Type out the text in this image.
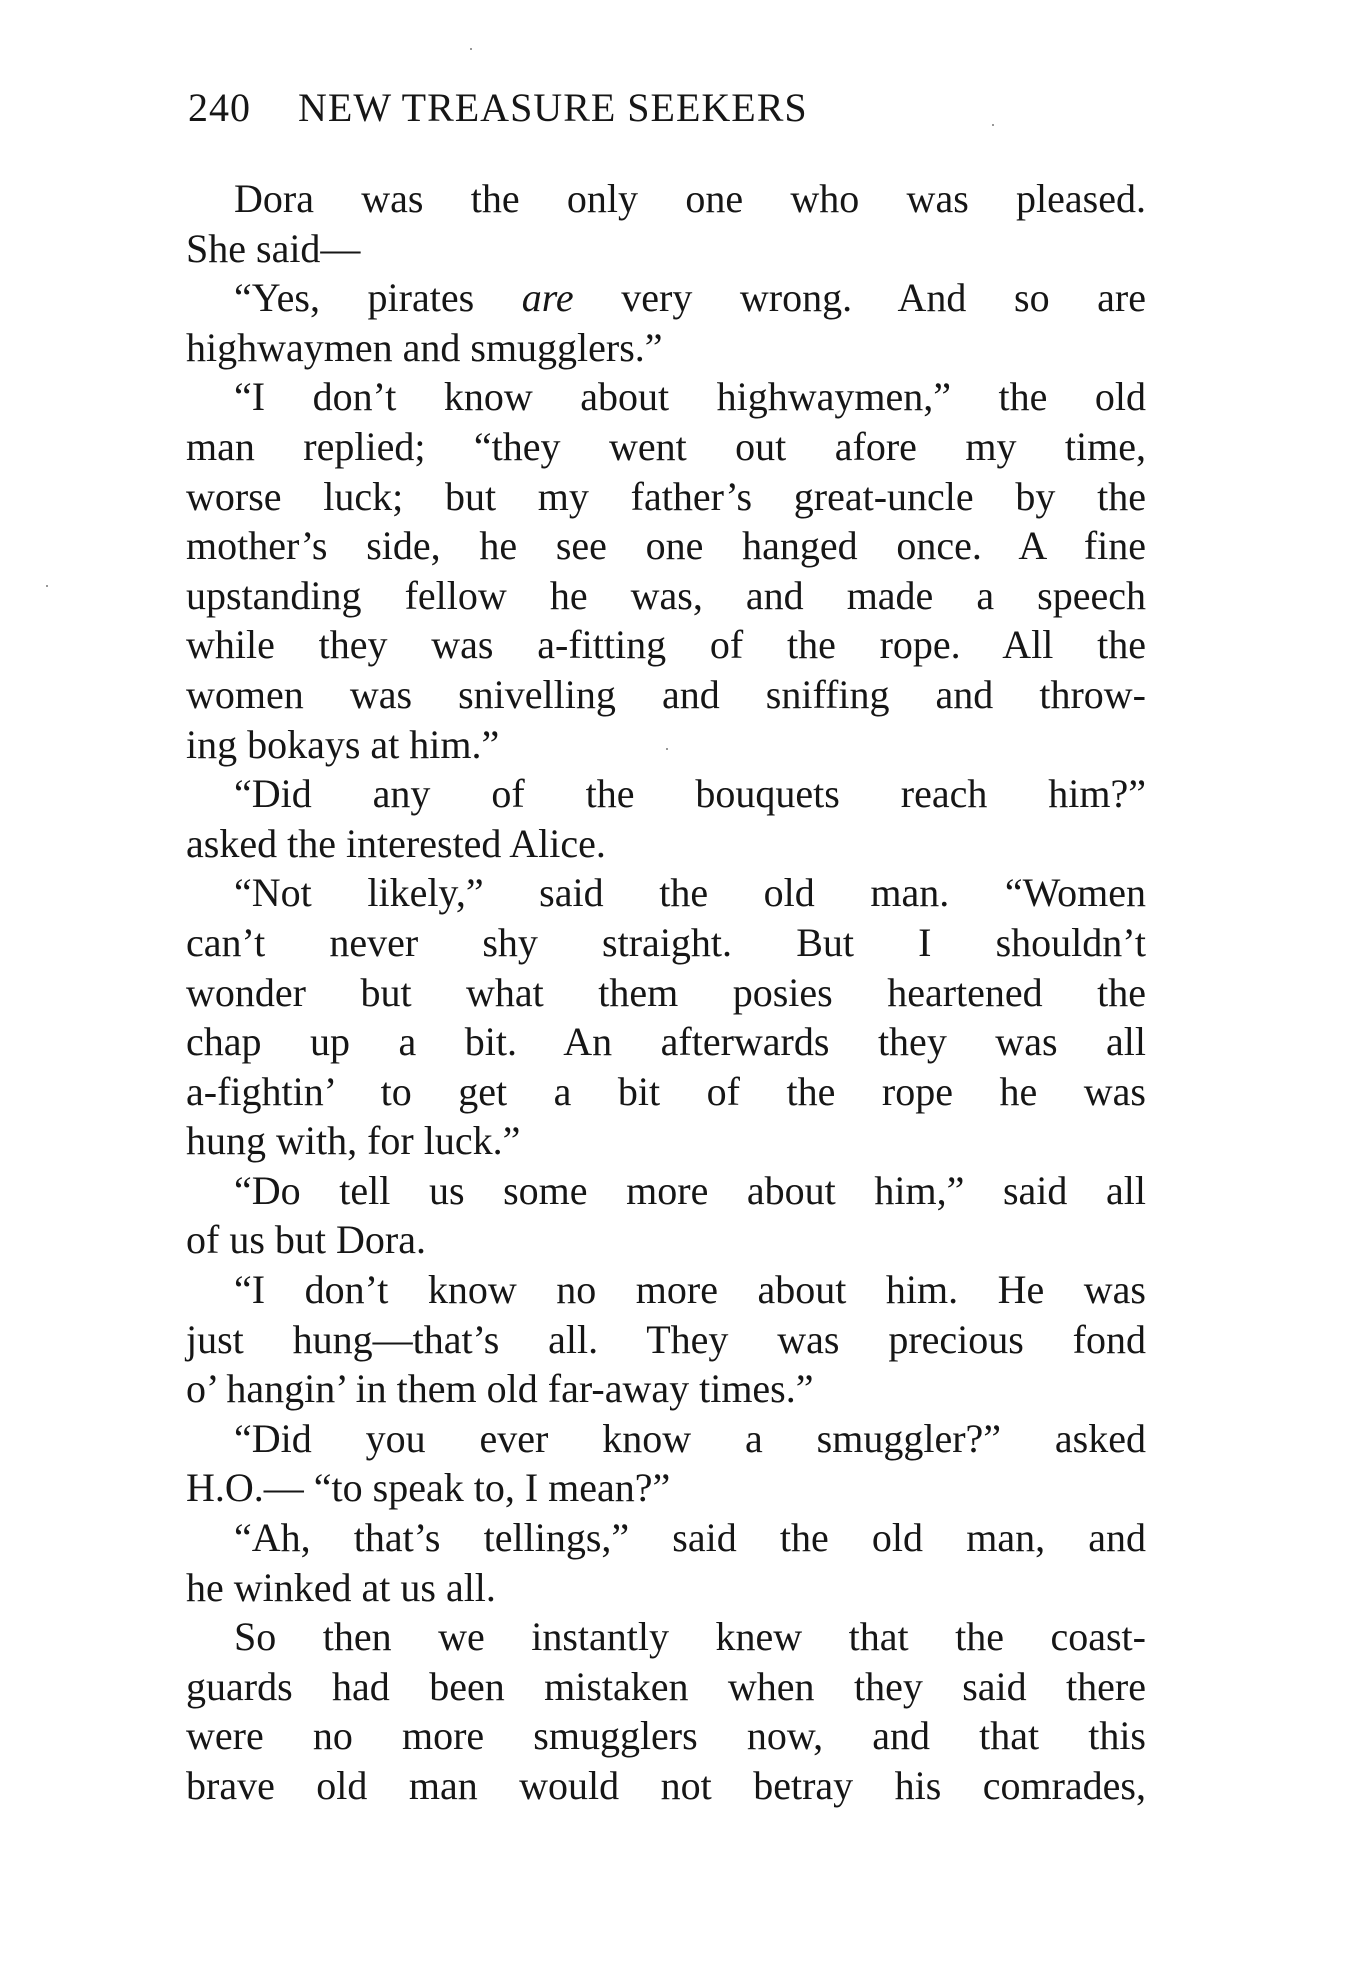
240 NEW TREASURE SEEKERS
Dora was the only one who was pleased.
She said—
“Yes, pirates are very wrong. And so are
highwaymen and smugglers.”
“I don’t know about highwaymen,” the old
man replied; “they went out afore my time,
worse luck; but my father’s great-uncle by the
mother’s side, he see one hanged once. A fine
upstanding fellow he was, and made a speech
while they was a-fitting of the rope. All the
women was snivelling and sniffing and throw-
ing bokays at him.”
“Did any of the bouquets reach him?”
asked the interested Alice.
“Not likely,” said the old man. “Women
can’t never shy straight. But I shouldn’t
wonder but what them posies heartened the
chap up a bit. An afterwards they was all
a-fightin’ to get a bit of the rope he was
hung with, for luck.”
“Do tell us some more about him,” said all
of us but Dora.
“I don’t know no more about him. He was
just hung—that’s all. They was precious fond
o’ hangin’ in them old far-away times.”
“Did you ever know a smuggler?” asked
H.O.— “to speak to, I mean?”
“Ah, that’s tellings,” said the old man, and
he winked at us all.
So then we instantly knew that the coast-
guards had been mistaken when they said there
were no more smugglers now, and that this
brave old man would not betray his comrades,
